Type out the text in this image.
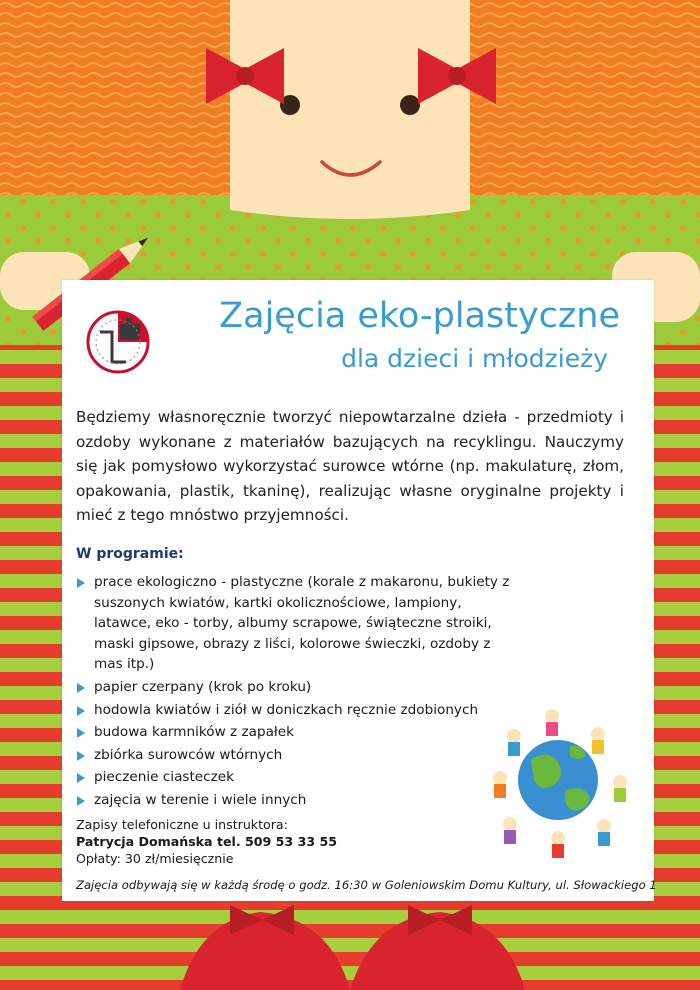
Zajęcia eko-plastyczne
dla dzieci i młodzieży
Będziemy własnoręcznie tworzyć niepowtarzalne dzieła - przedmioty i ozdoby wykonane z materiałów bazujących na recyklingu. Nauczymy się jak pomysłowo wykorzystać surowce wtórne (np. makulaturę, złom, opakowania, plastik, tkaninę), realizując własne oryginalne projekty i mieć z tego mnóstwo przyjemności.
W programie:
prace ekologiczno - plastyczne (korale z makaronu, bukiety z suszonych kwiatów, kartki okolicznościowe, lampiony, latawce, eko - torby, albumy scrapowe, świąteczne stroiki, maski gipsowe, obrazy z liści, kolorowe świeczki, ozdoby z mas itp.)
papier czerpany (krok po kroku)
hodowla kwiatów i ziół w doniczkach ręcznie zdobionych
budowa karmników z zapałek
zbiórka surowców wtórnych
pieczenie ciasteczek
zajęcia w terenie i wiele innych
Zapisy telefoniczne u instruktora:
Patrycja Domańska tel. 509 53 33 55
Opłaty: 30 zł/miesięcznie
Zajęcia odbywają się w każdą środę o godz. 16:30 w Goleniowskim Domu Kultury, ul. Słowackiego 1
